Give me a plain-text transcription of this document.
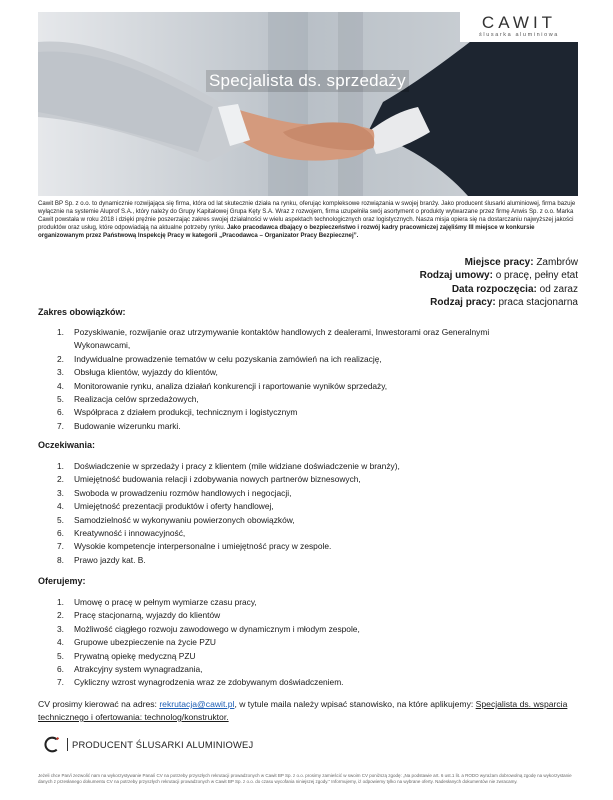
Specjalista ds. sprzedaży
CAWIT
ślusarka aluminiowa
Cawit BP Sp. z o.o. to dynamicznie rozwijająca się firma, która od lat skutecznie działa na rynku, oferując kompleksowe rozwiązania w swojej branży. Jako producent ślusarki aluminiowej, firma bazuje wyłącznie na systemie Aluprof S.A., który należy do Grupy Kapitałowej Grupa Kęty S.A. Wraz z rozwojem, firma uzupełniła swój asortyment o produkty wytwarzane przez firmę Anwis Sp. z o.o. Marka Cawit powstała w roku 2018 i dzięki prężnie poszerzając zakres swojej działalności w wielu aspektach technologicznych oraz logistycznych. Nasza misja opiera się na dostarczaniu najwyższej jakości produktów oraz usług, które odpowiadają na aktualne potrzeby rynku. Jako pracodawca dbający o bezpieczeństwo i rozwój kadry pracowniczej zajęliśmy III miejsce w konkursie organizowanym przez Państwową Inspekcję Pracy w kategorii „Pracodawca – Organizator Pracy Bezpiecznej”.
Miejsce pracy: Zambrów
Rodzaj umowy: o pracę, pełny etat
Data rozpoczęcia: od zaraz
Rodzaj pracy: praca stacjonarna
Zakres obowiązków:
1. Pozyskiwanie, rozwijanie oraz utrzymywanie kontaktów handlowych z dealerami, Inwestorami oraz Generalnymi
Wykonawcami,
2. Indywidualne prowadzenie tematów w celu pozyskania zamówień na ich realizację,
3. Obsługa klientów, wyjazdy do klientów,
4. Monitorowanie rynku, analiza działań konkurencji i raportowanie wyników sprzedaży,
5. Realizacja celów sprzedażowych,
6. Współpraca z działem produkcji, technicznym i logistycznym
7. Budowanie wizerunku marki.
Oczekiwania:
1. Doświadczenie w sprzedaży i pracy z klientem (mile widziane doświadczenie w branży),
2. Umiejętność budowania relacji i zdobywania nowych partnerów biznesowych,
3. Swoboda w prowadzeniu rozmów handlowych i negocjacji,
4. Umiejętność prezentacji produktów i oferty handlowej,
5. Samodzielność w wykonywaniu powierzonych obowiązków,
6. Kreatywność i innowacyjność,
7. Wysokie kompetencje interpersonalne i umiejętność pracy w zespole.
8. Prawo jazdy kat. B.
Oferujemy:
1. Umowę o pracę w pełnym wymiarze czasu pracy,
2. Pracę stacjonarną, wyjazdy do klientów
3. Możliwość ciągłego rozwoju zawodowego w dynamicznym i młodym zespole,
4. Grupowe ubezpieczenie na życie PZU
5. Prywatną opiekę medyczną PZU
6. Atrakcyjny system wynagradzania,
7. Cykliczny wzrost wynagrodzenia wraz ze zdobywanym doświadczeniem.
CV prosimy kierować na adres: rekrutacja@cawit.pl, w tytule maila należy wpisać stanowisko, na które aplikujemy: Specjalista ds. wsparcia technicznego i ofertowania: technolog/konstruktor.
PRODUCENT ŚLUSARKI ALUMINIOWEJ
Jeżeli chce Pan/i zezwolić nam na wykorzystywanie Pana/i CV na potrzeby przyszłych rekrutacji prowadzonych w Cawit BP Sp. z o.o. prosimy zamieścić w swoim CV poniższą zgodę: „Na podstawie art. 6 ust.1 lit. a RODO wyrażam dobrowolną zgodę na wykorzystanie danych z przesłanego dokumentu CV na potrzeby przyszłych rekrutacji prowadzonych w Cawit BP Sp. z o.o. do czasu wycofania niniejszej zgody.” Informujemy, iż odpowiemy tylko na wybrane oferty. Nadesłanych dokumentów nie zwracamy.
